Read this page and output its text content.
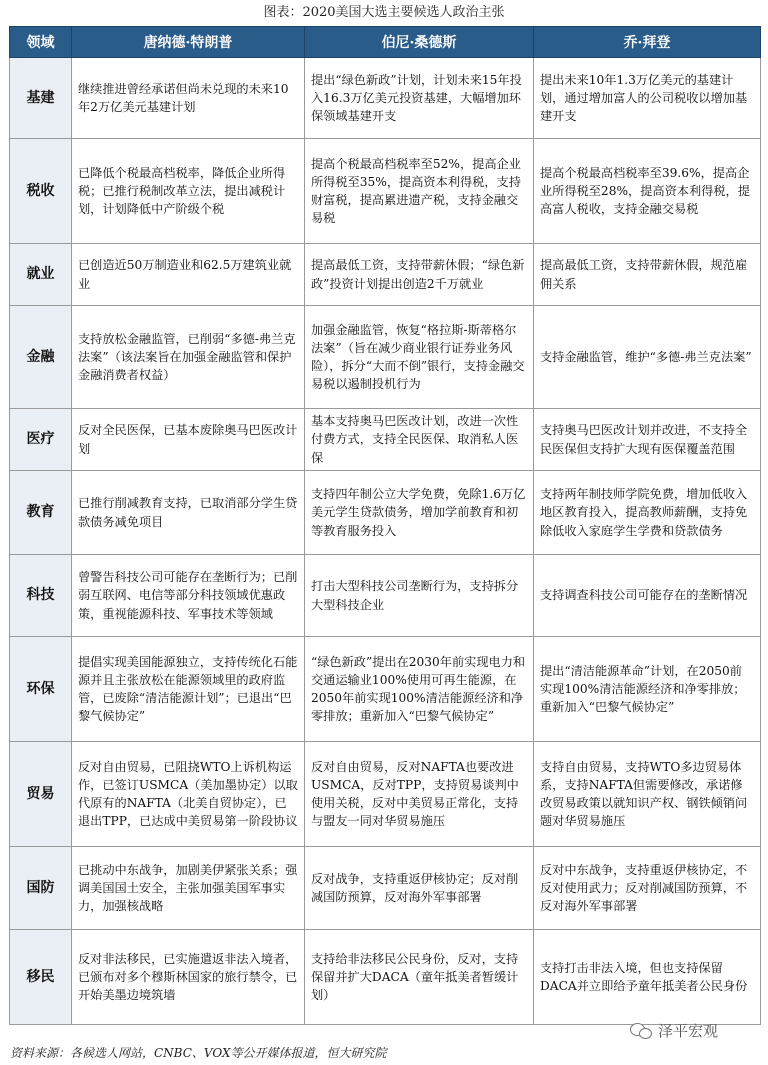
图表：2020美国大选主要候选人政治主张
领域	唐纳德·特朗普	伯尼·桑德斯	乔·拜登
基建	继续推进曾经承诺但尚未兑现的未来10年2万亿美元基建计划	提出“绿色新政”计划，计划未来15年投入16.3万亿美元投资基建，大幅增加环保领域基建开支	提出未来10年1.3万亿美元的基建计划，通过增加富人的公司税收以增加基建开支
税收	已降低个税最高档税率，降低企业所得税；已推行税制改革立法，提出减税计划，计划降低中产阶级个税	提高个税最高档税率至52%，提高企业所得税至35%，提高资本利得税，支持财富税，提高累进遗产税，支持金融交易税	提高个税最高档税率至39.6%，提高企业所得税至28%，提高资本利得税，提高富人税收，支持金融交易税
就业	已创造近50万制造业和62.5万建筑业就业	提高最低工资，支持带薪休假；“绿色新政”投资计划提出创造2千万就业	提高最低工资，支持带薪休假，规范雇佣关系
金融	支持放松金融监管，已削弱“多德-弗兰克法案”（该法案旨在加强金融监管和保护金融消费者权益）	加强金融监管，恢复“格拉斯-斯蒂格尔法案”（旨在减少商业银行证券业务风险），拆分“大而不倒”银行，支持金融交易税以遏制投机行为	支持金融监管，维护“多德-弗兰克法案”
医疗	反对全民医保，已基本废除奥马巴医改计划	基本支持奥马巴医改计划，改进一次性付费方式，支持全民医保、取消私人医保	支持奥马巴医改计划并改进，不支持全民医保但支持扩大现有医保覆盖范围
教育	已推行削减教育支持，已取消部分学生贷款债务减免项目	支持四年制公立大学免费，免除1.6万亿美元学生贷款债务，增加学前教育和初等教育服务投入	支持两年制技师学院免费，增加低收入地区教育投入，提高教师薪酬，支持免除低收入家庭学生学费和贷款债务
科技	曾警告科技公司可能存在垄断行为；已削弱互联网、电信等部分科技领域优惠政策，重视能源科技、军事技术等领域	打击大型科技公司垄断行为，支持拆分大型科技企业	支持调查科技公司可能存在的垄断情况
环保	提倡实现美国能源独立，支持传统化石能源并且主张放松在能源领域里的政府监管，已废除“清洁能源计划”；已退出“巴黎气候协定”	“绿色新政”提出在2030年前实现电力和交通运输业100%使用可再生能源，在2050年前实现100%清洁能源经济和净零排放；重新加入“巴黎气候协定”	提出“清洁能源革命”计划，在2050前实现100%清洁能源经济和净零排放；重新加入“巴黎气候协定”
贸易	反对自由贸易，已阻挠WTO上诉机构运作，已签订USMCA（美加墨协定）以取代原有的NAFTA（北美自贸协定），已退出TPP，已达成中美贸易第一阶段协议	反对自由贸易，反对NAFTA也要改进USMCA，反对TPP，支持贸易谈判中使用关税，反对中美贸易正常化，支持与盟友一同对华贸易施压	支持自由贸易，支持WTO多边贸易体系，支持NAFTA但需要修改，承诺修改贸易政策以就知识产权、钢铁倾销问题对华贸易施压
国防	已挑动中东战争，加剧美伊紧张关系；强调美国国土安全，主张加强美国军事实力，加强核战略	反对战争，支持重返伊核协定；反对削减国防预算，反对海外军事部署	反对中东战争，支持重返伊核协定，不反对使用武力；反对削减国防预算，不反对海外军事部署
移民	反对非法移民，已实施遣返非法入境者，已颁布对多个穆斯林国家的旅行禁令，已开始美墨边境筑墙	支持给非法移民公民身份，反对，支持保留并扩大DACA（童年抵美者暂缓计划）	支持打击非法入境，但也支持保留DACA并立即给予童年抵美者公民身份
泽平宏观
资料来源：各候选人网站，CNBC、VOX等公开媒体报道，恒大研究院
